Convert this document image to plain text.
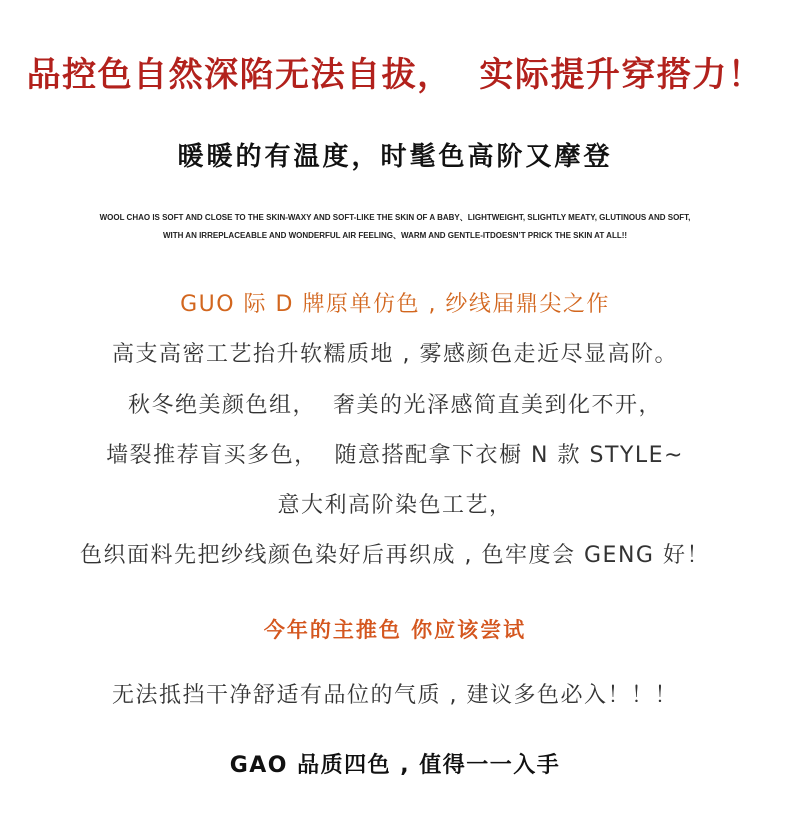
品控色自然深陷无法自拔，  实际提升穿搭力！
暖暖的有温度，时髦色高阶又摩登
WOOL CHAO IS SOFT AND CLOSE TO THE SKIN-WAXY AND SOFT-LIKE THE SKIN OF A BABY、LIGHTWEIGHT, SLIGHTLY MEATY, GLUTINOUS AND SOFT,
WITH AN IRREPLACEABLE AND WONDERFUL AIR FEELING、WARM AND GENTLE-ITDOESN’T PRICK THE SKIN AT ALL!!
GUO 际 D 牌原单仿色 , 纱线届鼎尖之作
高支高密工艺抬升软糯质地 , 雾感颜色走近尽显高阶。
秋冬绝美颜色组，  奢美的光泽感简直美到化不开，
墙裂推荐盲买多色，  随意搭配拿下衣橱 N 款 STYLE~
意大利高阶染色工艺，
色织面料先把纱线颜色染好后再织成 , 色牢度会 GENG 好！
今年的主推色 你应该尝试
无法抵挡干净舒适有品位的气质 , 建议多色必入！！！
GAO 品质四色 , 值得一一入手
